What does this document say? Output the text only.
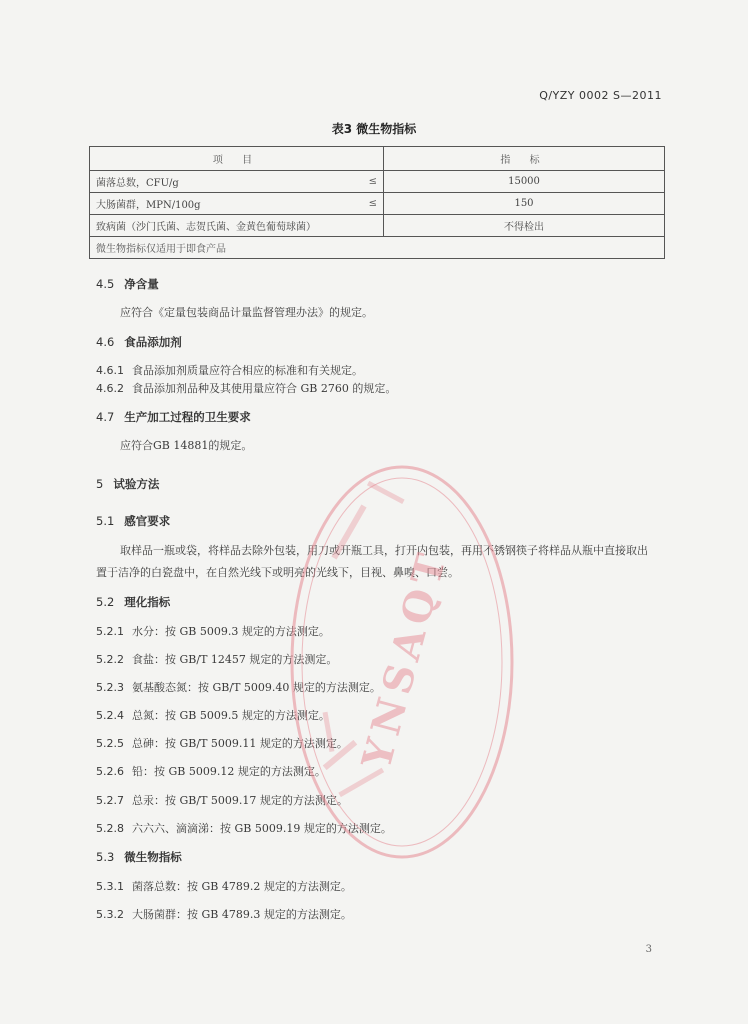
Q/YZY 0002 S—2011
表3 微生物指标
项 目		指 标
菌落总数，CFU/g	≤	15000
大肠菌群，MPN/100g	≤	150
致病菌（沙门氏菌、志贺氏菌、金黄色葡萄球菌）		不得检出
微生物指标仅适用于即食产品		
4.5 净含量
应符合《定量包装商品计量监督管理办法》的规定。
4.6 食品添加剂
4.6.1 食品添加剂质量应符合相应的标准和有关规定。
4.6.2 食品添加剂品种及其使用量应符合 GB 2760 的规定。
4.7 生产加工过程的卫生要求
应符合GB 14881的规定。
5 试验方法
5.1 感官要求
取样品一瓶或袋，将样品去除外包装，用刀或开瓶工具，打开内包装，再用不锈钢筷子将样品从瓶中直接取出置于洁净的白瓷盘中，在自然光线下或明亮的光线下，目视、鼻嗅、口尝。
5.2 理化指标
5.2.1 水分：按 GB 5009.3 规定的方法测定。
5.2.2 食盐：按 GB/T 12457 规定的方法测定。
5.2.3 氨基酸态氮：按 GB/T 5009.40 规定的方法测定。
5.2.4 总氮：按 GB 5009.5 规定的方法测定。
5.2.5 总砷：按 GB/T 5009.11 规定的方法测定。
5.2.6 铅：按 GB 5009.12 规定的方法测定。
5.2.7 总汞：按 GB/T 5009.17 规定的方法测定。
5.2.8 六六六、滴滴涕：按 GB 5009.19 规定的方法测定。
5.3 微生物指标
5.3.1 菌落总数：按 GB 4789.2 规定的方法测定。
5.3.2 大肠菌群：按 GB 4789.3 规定的方法测定。
3
YNSAQT
